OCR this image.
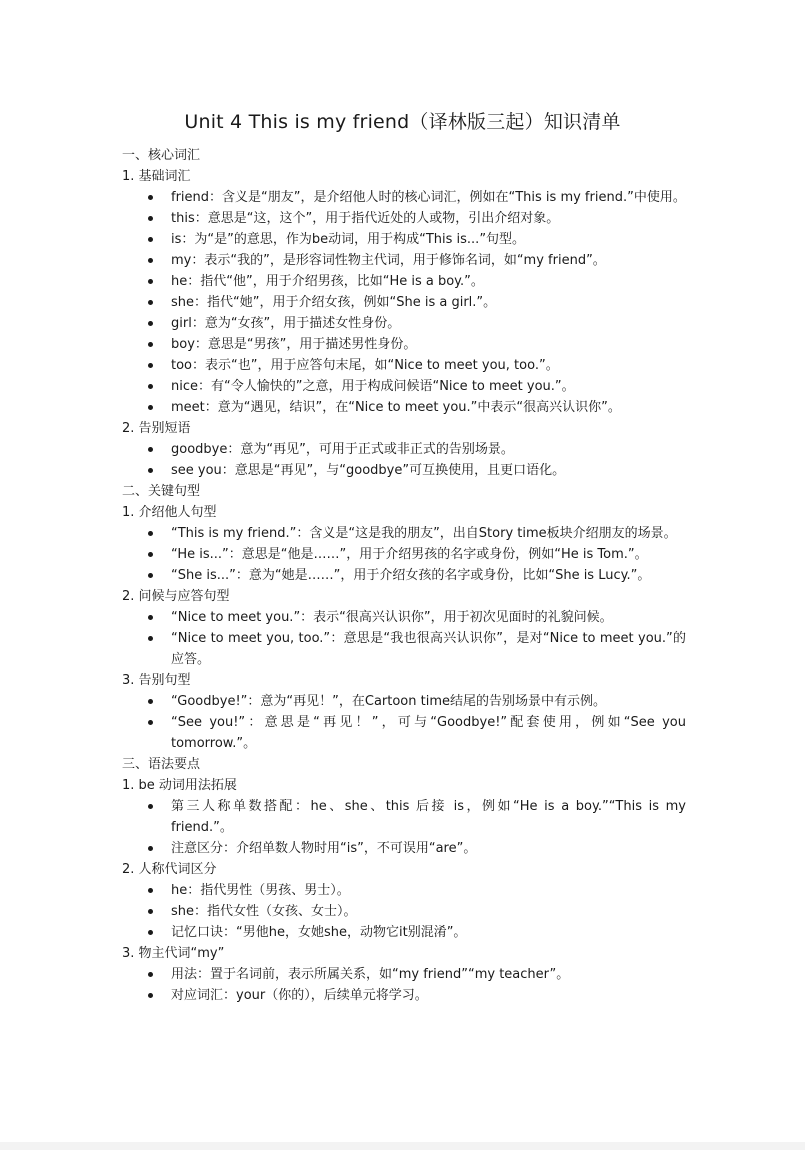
Unit 4 This is my friend（译林版三起）知识清单
一、核心词汇
1. 基础词汇
friend：含义是“朋友”，是介绍他人时的核心词汇，例如在“This is my friend.”中使用。
this：意思是“这，这个”，用于指代近处的人或物，引出介绍对象。
is：为“是”的意思，作为be动词，用于构成“This is...”句型。
my：表示“我的”，是形容词性物主代词，用于修饰名词，如“my friend”。
he：指代“他”，用于介绍男孩，比如“He is a boy.”。
she：指代“她”，用于介绍女孩，例如“She is a girl.”。
girl：意为“女孩”，用于描述女性身份。
boy：意思是“男孩”，用于描述男性身份。
too：表示“也”，用于应答句末尾，如“Nice to meet you, too.”。
nice：有“令人愉快的”之意，用于构成问候语“Nice to meet you.”。
meet：意为“遇见，结识”，在“Nice to meet you.”中表示“很高兴认识你”。
2. 告别短语
goodbye：意为“再见”，可用于正式或非正式的告别场景。
see you：意思是“再见”，与“goodbye”可互换使用，且更口语化。
二、关键句型
1. 介绍他人句型
“This is my friend.”：含义是“这是我的朋友”，出自Story time板块介绍朋友的场景。
“He is...”：意思是“他是……”，用于介绍男孩的名字或身份，例如“He is Tom.”。
“She is...”：意为“她是……”，用于介绍女孩的名字或身份，比如“She is Lucy.”。
2. 问候与应答句型
“Nice to meet you.”：表示“很高兴认识你”，用于初次见面时的礼貌问候。
“Nice to meet you, too.”：意思是“我也很高兴认识你”，是对“Nice to meet you.”的应答。
3. 告别句型
“Goodbye!”：意为“再见！”，在Cartoon time结尾的告别场景中有示例。
“See you!”：意思是“再见！”，可与“Goodbye!”配套使用，例如“See you tomorrow.”。
三、语法要点
1. be 动词用法拓展
第三人称单数搭配：he、she、this 后接 is，例如“He is a boy.”“This is my friend.”。
注意区分：介绍单数人物时用“is”，不可误用“are”。
2. 人称代词区分
he：指代男性（男孩、男士）。
she：指代女性（女孩、女士）。
记忆口诀：“男他he，女她she，动物它it别混淆”。
3. 物主代词“my”
用法：置于名词前，表示所属关系，如“my friend”“my teacher”。
对应词汇：your（你的），后续单元将学习。
